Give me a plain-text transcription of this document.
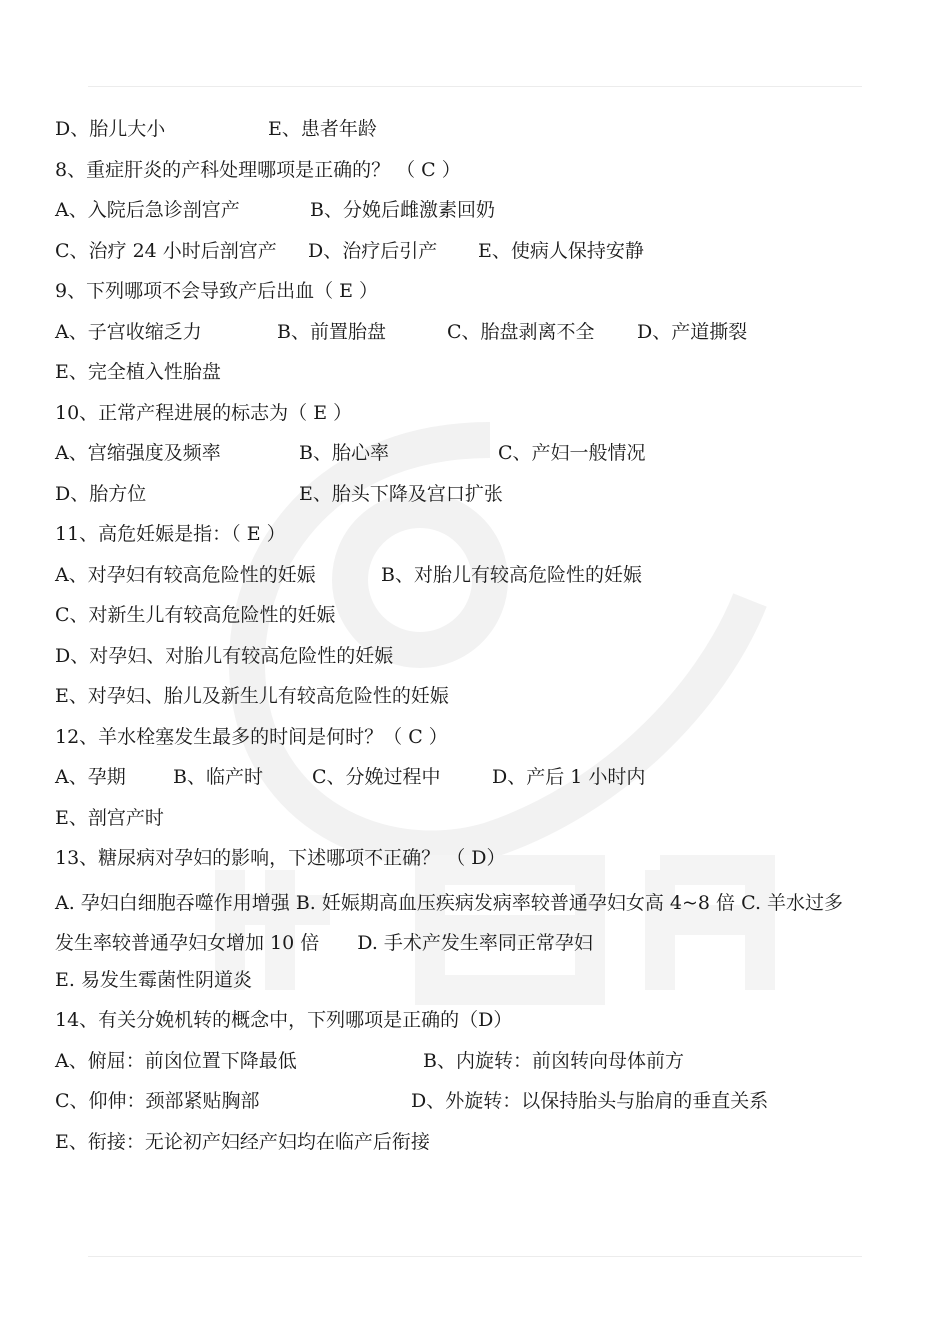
D、胎儿大小	E、患者年龄
8、重症肝炎的产科处理哪项是正确的？ （ C ）
A、入院后急诊剖宫产	B、分娩后雌激素回奶
C、治疗 24 小时后剖宫产 D、治疗后引产 E、使病人保持安静
9、下列哪项不会导致产后出血（ E ）
A、子宫收缩乏力	B、前置胎盘	C、胎盘剥离不全 D、产道撕裂
E、完全植入性胎盘
10、正常产程进展的标志为（ E ）
A、宫缩强度及频率	B、胎心率	C、产妇一般情况
D、胎方位	E、胎头下降及宫口扩张
11、高危妊娠是指：（ E ）
A、对孕妇有较高危险性的妊娠	B、对胎儿有较高危险性的妊娠
C、对新生儿有较高危险性的妊娠
D、对孕妇、对胎儿有较高危险性的妊娠
E、对孕妇、胎儿及新生儿有较高危险性的妊娠
12、羊水栓塞发生最多的时间是何时？（ C ）
A、孕期 B、临产时	C、分娩过程中	D、产后 1 小时内
E、剖宫产时
13、糖尿病对孕妇的影响，下述哪项不正确？ （ D）
A. 孕妇白细胞吞噬作用增强 B. 妊娠期高血压疾病发病率较普通孕妇女高 4~8 倍 C. 羊水过多发生率较普通孕妇女增加 10 倍　　D. 手术产发生率同正常孕妇
E. 易发生霉菌性阴道炎
14、有关分娩机转的概念中，下列哪项是正确的（D）
A、俯屈：前囟位置下降最低	B、内旋转：前囟转向母体前方
C、仰伸：颈部紧贴胸部	D、外旋转：以保持胎头与胎肩的垂直关系
E、衔接：无论初产妇经产妇均在临产后衔接
